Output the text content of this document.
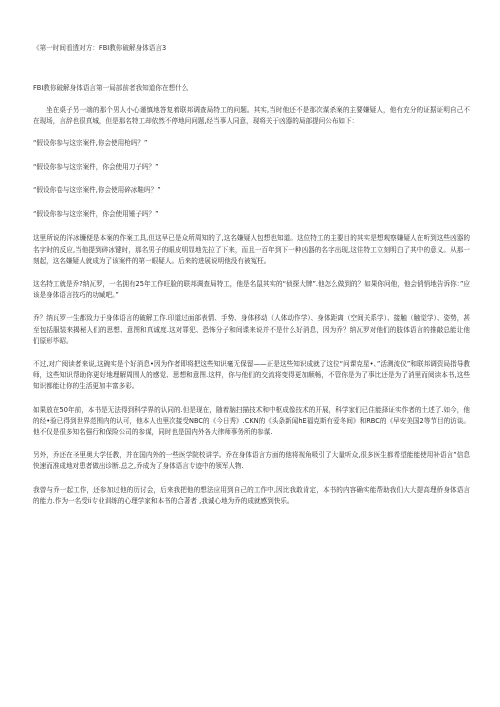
《第一时间看透对方：FBI教你破解身体语言3
FBI教你破解身体语言第一局部前者我知道你在想什么

坐在桌子另一端的那个男人小心谨慎地答复着联邦调查局特工的问题。其实,当时他还不是那次谋杀案的主要嫌疑人，他有充分的证据证明自己不在现场，言辞也很真城，但是那名特工却依然不停地问问题,经当事人同意，现将关于凶器的局部提问公布如下：

“假设你参与这宗案件,你会使用枪吗？”
“假设你参与这宗案件，你会使用刀子吗？”
“假设你卷与这宗案件,你会使用碎冰鞋吗？”
“假设你参与这宗案件，你会使用锤子吗？”

这里所说的洋冰镰便是本案的作案工具,但这早已是众所周知的了,这名嫌疑人包想也知道。这位特工的主要目的其实是想观察嫌疑人在听到这些凶器的名字时的反应,当他提到碎冰键时，那名男子的眼皮明显地先拉了下来，而且一百年到下一种凶器的名字出现,这住特工立刻明白了其中的意义。从那一刻起，这名嫌疑人就成为了该案件的第一眼疑人。后来的进展说明他没有被冤枉。

这名特工就是乔?纳瓦罗，一名拥有25年工作旺脸的联邦调查局特工，他是名鼠其实的“侦探大牌”.他怎么做到的？如果你问他，他会俏悄地告诉你：”应该是身体语言技巧的功臧吧。”

乔？纳瓦罗一生都致力于身体语言的破解工作.印道过面部表情、手势、身体移动（人体动作学）、身体距离（空间关系学）、接触（触觉学）、姿势，甚至包括服装来揭秘人们的思想、意图和真诚度.这对罪犯、恐怖分子和间谍来说并不是什么好消息，因为乔？纳瓦罗对他们的肢体语言的推敲总能让他们原形毕昭。

不过,对广阅读者来说,这碗实是个好消息•因为作者即将把这些知识毫无保留——正是这些知识成就了这位“问课克星•、”活测流仪”和联邦调资局指导教师，这些知识帮助你更好地理解周围人的感觉、思想和意图.这样，你与他们的交流将变得更加顺畅，不管你是为了事比还是为了消里而阅读本书,这些知识都能让你的生活更加丰富多彩。

如果放在50年前，本书是无法得到科学界的认同的.但是现在，随着脑扫描技术和中枢成像技术的开展，科学家们已住能择证实作者的土述了.如今，他的经•验已得到世界范围内的认可，他本人也里次接受NBC的《今日秀》.CKN的《头条新闻hE福克斯有爱冬间》和RBC的《早安美国2等节目的访谈。他不仅是很多知名强行和保险公司的参谋，同时也是国内外各大律师事务所的参谋.

另外，乔还在圣里奥大学任教，并在国内外的一些医学院校讲学。乔在身体语言方面的他将视角吸引了大量听众,很多医生都希望能能使用补语言”信息快速而准成地对患者做出诊断.总之,乔成为了身体语言专迹中的领军人物.

我曾与乔一起工作，还参加过他的历讨会，后来我把他的想法应用到自己的工作中,因比我敢肯定，本书的内容确实能帮助我们大大提高理侨身体语言的能力.作为一名受ii专业训练的心理学家和本书的合著者 ,我诚心地为乔的成就感到快乐。
